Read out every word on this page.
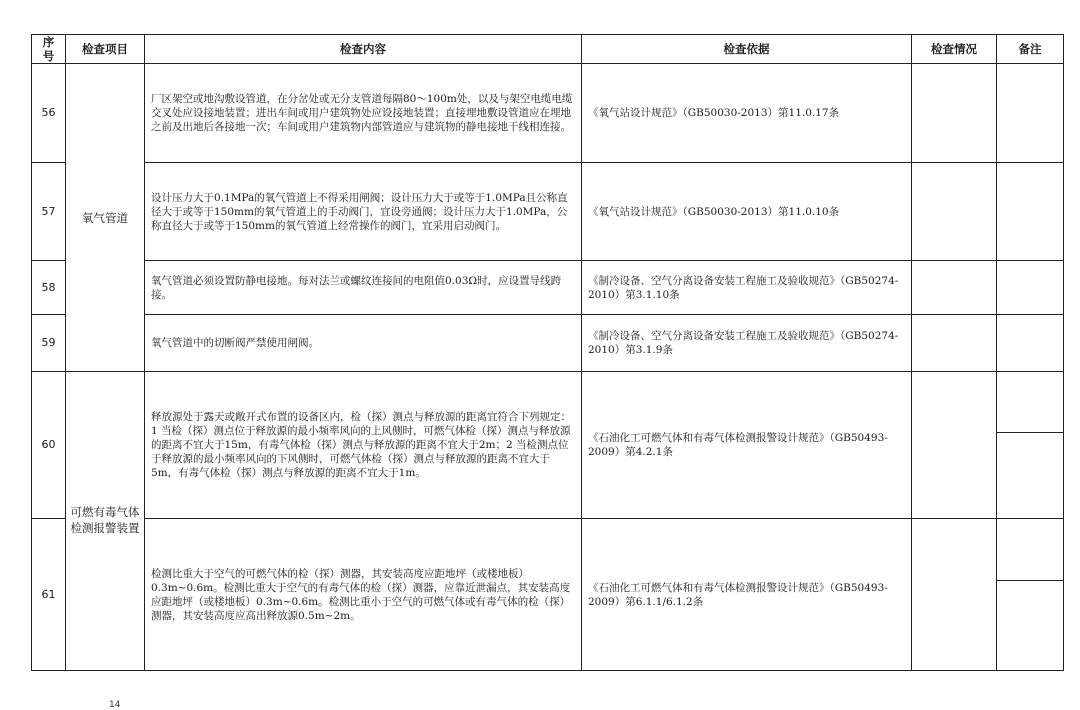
序号	检查项目	检查内容	检查依据	检查情况	备注
56	氧气管道	厂区架空或地沟敷设管道，在分岔处或无分支管道每隔80～100m处，以及与架空电缆电缆交叉处应设接地装置；进出车间或用户建筑物处应设接地装置；直接埋地敷设管道应在埋地之前及出地后各接地一次；车间或用户建筑物内部管道应与建筑物的静电接地干线相连接。	《氧气站设计规范》（GB50030-2013）第11.0.17条		
57		设计压力大于0.1MPa的氧气管道上不得采用闸阀；设计压力大于或等于1.0MPa且公称直径大于或等于150mm的氧气管道上的手动阀门，宜设旁通阀；设计压力大于1.0MPa，公称直径大于或等于150mm的氧气管道上经常操作的阀门，宜采用启动阀门。	《氧气站设计规范》（GB50030-2013）第11.0.10条		
58		氧气管道必须设置防静电接地。每对法兰或螺纹连接间的电阻值0.03Ω时，应设置导线跨接。	《制冷设备、空气分离设备安装工程施工及验收规范》（GB50274-2010）第3.1.10条		
59		氧气管道中的切断阀严禁使用闸阀。	《制冷设备、空气分离设备安装工程施工及验收规范》（GB50274-2010）第3.1.9条		
60	可燃有毒气体检测报警装置	释放源处于露天或敞开式布置的设备区内，检（探）测点与释放源的距离宜符合下列规定：1 当检（探）测点位于释放源的最小频率风向的上风侧时，可燃气体检（探）测点与释放源的距离不宜大于15m，有毒气体检（探）测点与释放源的距离不宜大于2m；2 当检测点位于释放源的最小频率风向的下风侧时，可燃气体检（探）测点与释放源的距离不宜大于5m，有毒气体检（探）测点与释放源的距离不宜大于1m。	《石油化工可燃气体和有毒气体检测报警设计规范》（GB50493-2009）第4.2.1条		

61		检测比重大于空气的可燃气体的检（探）测器，其安装高度应距地坪（或楼地板）0.3m~0.6m。检测比重大于空气的有毒气体的检（探）测器，应靠近泄漏点，其安装高度应距地坪（或楼地板）0.3m~0.6m。检测比重小于空气的可燃气体或有毒气体的检（探）测器，其安装高度应高出释放源0.5m~2m。	《石油化工可燃气体和有毒气体检测报警设计规范》（GB50493-2009）第6.1.1/6.1.2条		

14
